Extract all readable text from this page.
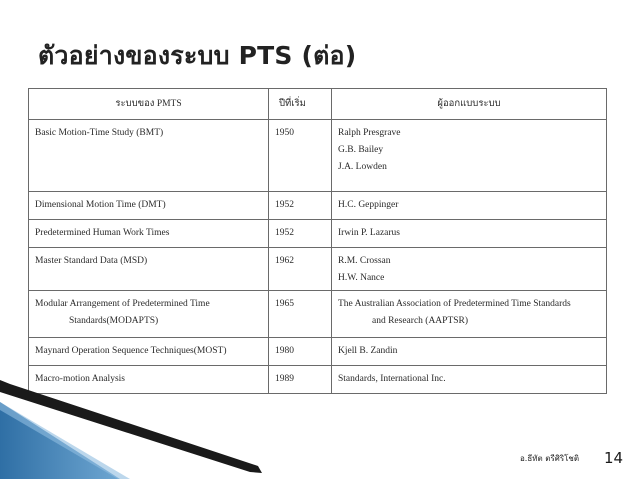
ตัวอย่างของระบบ PTS (ต่อ)
ระบบของ PMTS	ปีที่เริ่ม	ผู้ออกแบบระบบ

Basic Motion-Time Study (BMT)	1950	Ralph Presgrave
G.B. Bailey
J.A. Lowden

Dimensional Motion Time (DMT)	1952	H.C. Geppinger

Predetermined Human Work Times	1952	Irwin P. Lazarus

Master Standard Data (MSD)	1962	R.M. Crossan
H.W. Nance

Modular Arrangement of Predetermined Time
Standards(MODAPTS)	1965	The Australian Association of Predetermined Time Standards
and Research (AAPTSR)

Maynard Operation Sequence Techniques(MOST)	1980	Kjell B. Zandin

Macro-motion Analysis	1989	Standards, International Inc.
อ.ธีทัต ตรีศิริโชติ 14
